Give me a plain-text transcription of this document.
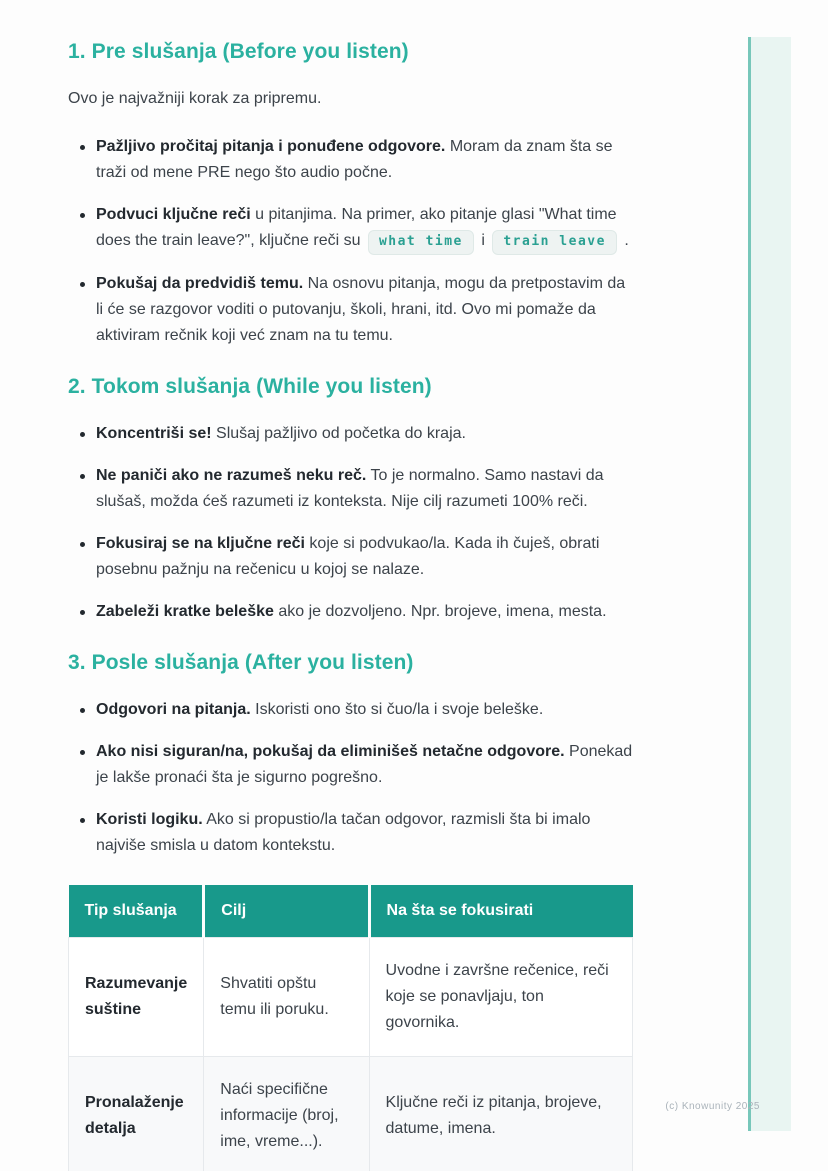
1. Pre slušanja (Before you listen)

Ovo je najvažniji korak za pripremu.

Pažljivo pročitaj pitanja i ponuđene odgovore. Moram da znam šta se traži od mene PRE nego što audio počne.
Podvuci ključne reči u pitanjima. Na primer, ako pitanje glasi "What time does the train leave?", ključne reči su what time i train leave .
Pokušaj da predvidiš temu. Na osnovu pitanja, mogu da pretpostavim da li će se razgovor voditi o putovanju, školi, hrani, itd. Ovo mi pomaže da aktiviram rečnik koji već znam na tu temu.
2. Tokom slušanja (While you listen)
Koncentriši se! Slušaj pažljivo od početka do kraja.
Ne paniči ako ne razumeš neku reč. To je normalno. Samo nastavi da slušaš, možda ćeš razumeti iz konteksta. Nije cilj razumeti 100% reči.
Fokusiraj se na ključne reči koje si podvukao/la. Kada ih čuješ, obrati posebnu pažnju na rečenicu u kojoj se nalaze.
Zabeleži kratke beleške ako je dozvoljeno. Npr. brojeve, imena, mesta.
3. Posle slušanja (After you listen)
Odgovori na pitanja. Iskoristi ono što si čuo/la i svoje beleške.
Ako nisi siguran/na, pokušaj da eliminišeš netačne odgovore. Ponekad je lakše pronaći šta je sigurno pogrešno.
Koristi logiku. Ako si propustio/la tačan odgovor, razmisli šta bi imalo najviše smisla u datom kontekstu.
Tip slušanja	Cilj	Na šta se fokusirati
Razumevanje suštine	Shvatiti opštu temu ili poruku.	Uvodne i završne rečenice, reči koje se ponavljaju, ton govornika.
Pronalaženje detalja	Naći specifične informacije (broj, ime, vreme...).	Ključne reči iz pitanja, brojeve, datume, imena.
(c) Knowunity 2025
